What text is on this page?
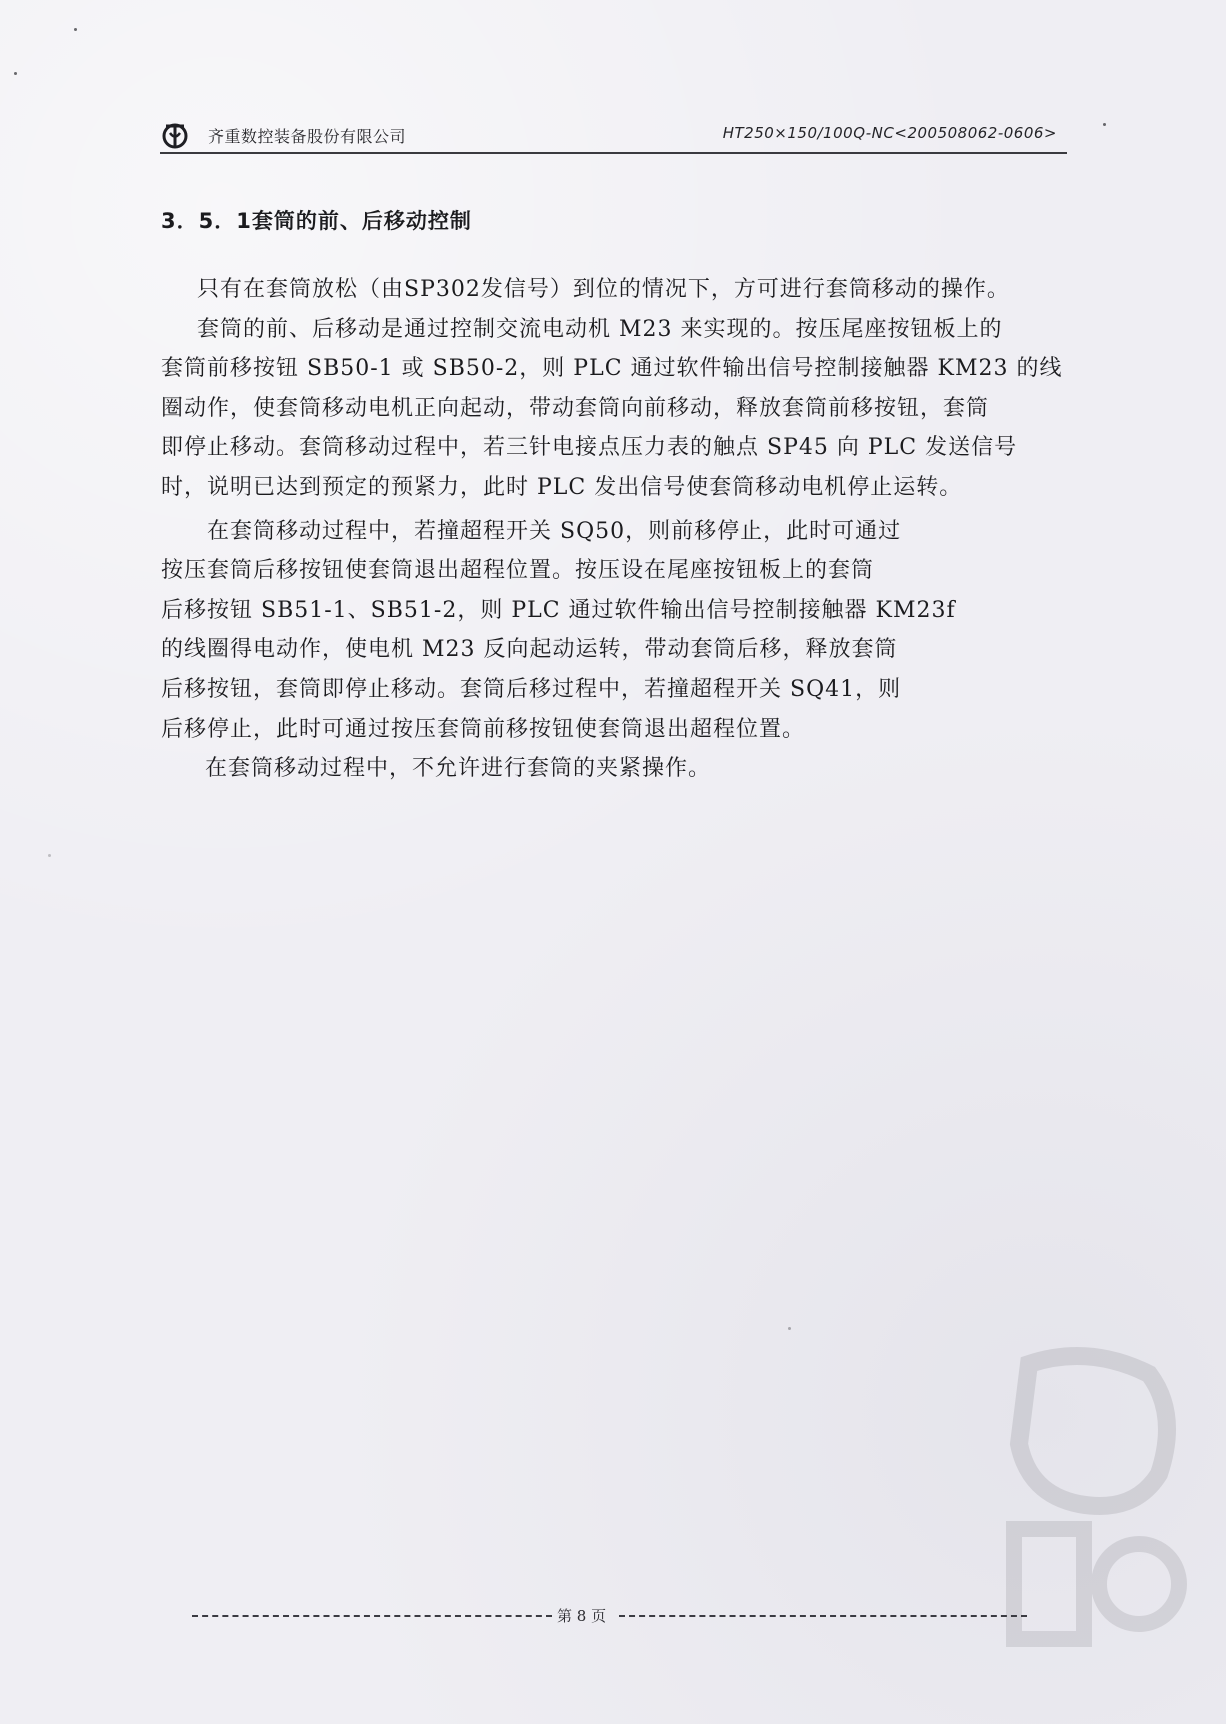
齐重数控装备股份有限公司	HT250×150/100Q-NC<200508062-0606>
3．5．1套筒的前、后移动控制
只有在套筒放松（由SP302发信号）到位的情况下，方可进行套筒移动的操作。
套筒的前、后移动是通过控制交流电动机 M23 来实现的。按压尾座按钮板上的
套筒前移按钮 SB50-1 或 SB50-2，则 PLC 通过软件输出信号控制接触器 KM23 的线
圈动作，使套筒移动电机正向起动，带动套筒向前移动，释放套筒前移按钮，套筒
即停止移动。套筒移动过程中，若三针电接点压力表的触点 SP45 向 PLC 发送信号
时，说明已达到预定的预紧力，此时 PLC 发出信号使套筒移动电机停止运转。
在套筒移动过程中，若撞超程开关 SQ50，则前移停止，此时可通过
按压套筒后移按钮使套筒退出超程位置。按压设在尾座按钮板上的套筒
后移按钮 SB51-1、SB51-2，则 PLC 通过软件输出信号控制接触器 KM23f
的线圈得电动作，使电机 M23 反向起动运转，带动套筒后移，释放套筒
后移按钮，套筒即停止移动。套筒后移过程中，若撞超程开关 SQ41，则
后移停止，此时可通过按压套筒前移按钮使套筒退出超程位置。
在套筒移动过程中，不允许进行套筒的夹紧操作。
第 8 页
